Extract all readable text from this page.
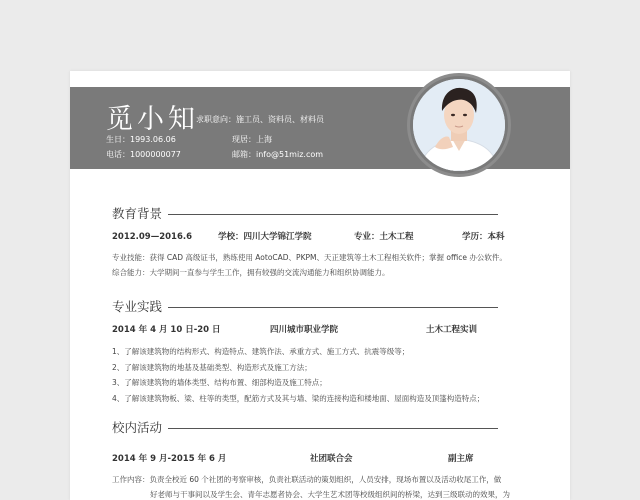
觅小知
求职意向：施工员、资料员、材料员
生日：1993.06.06	现居：上海
电话：1000000077	邮箱：info@51miz.com
教育背景
2012.09—2016.6	学校：四川大学锦江学院	专业：土木工程	学历：本科
专业技能：获得 CAD 高级证书，熟练使用 AotoCAD、PKPM、天正建筑等土木工程相关软件；掌握 office 办公软件。
综合能力：大学期间一直参与学生工作，拥有较强的交流沟通能力和组织协调能力。
专业实践
2014 年 4 月 10 日-20 日	四川城市职业学院	土木工程实训
1、了解该建筑物的结构形式、构造特点、建筑作法、承重方式、施工方式、抗震等级等；
2、了解该建筑物的地基及基础类型、构造形式及施工方法；
3、了解该建筑物的墙体类型、结构布置、细部构造及施工特点；
4、了解该建筑物板、梁、柱等的类型，配筋方式及其与墙、梁的连接构造和楼地面、屋面构造及顶篷构造特点；
校内活动
2014 年 9 月-2015 年 6 月	社团联合会	副主席
工作内容：负责全校近 60 个社团的考察审核，负责社联活动的策划组织，人员安排，现场布置以及活动收尾工作，做
好老师与干事间以及学生会、青年志愿者协会、大学生艺术团等校级组织间的桥梁，达到三级联动的效果，为
